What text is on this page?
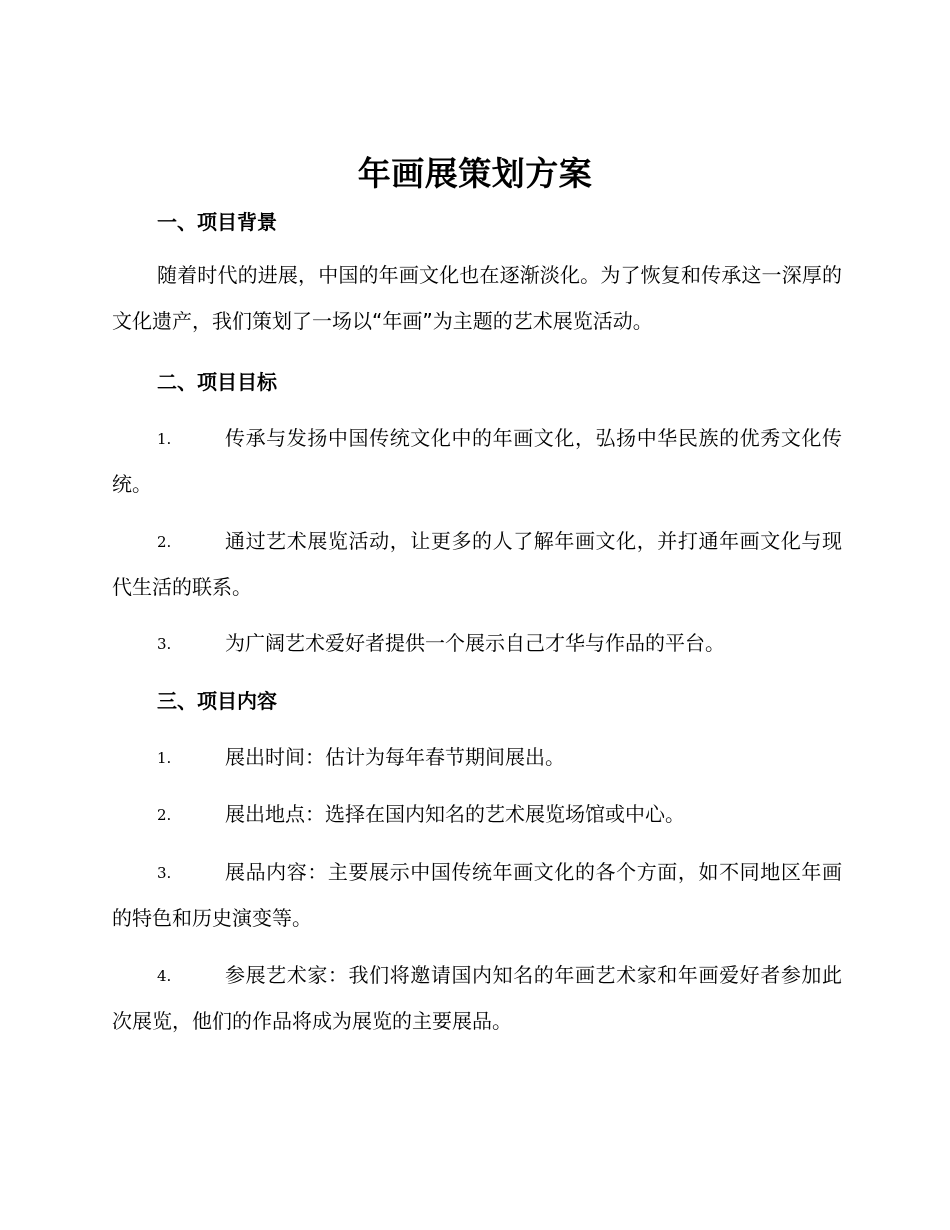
年画展策划方案
一、项目背景
随着时代的进展，中国的年画文化也在逐渐淡化。为了恢复和传承这一深厚的文化遗产，我们策划了一场以“年画”为主题的艺术展览活动。
二、项目目标
1.	传承与发扬中国传统文化中的年画文化，弘扬中华民族的优秀文化传统。
2.	通过艺术展览活动，让更多的人了解年画文化，并打通年画文化与现代生活的联系。
3.	为广阔艺术爱好者提供一个展示自己才华与作品的平台。
三、项目内容
1.	展出时间：估计为每年春节期间展出。
2.	展出地点：选择在国内知名的艺术展览场馆或中心。
3.	展品内容：主要展示中国传统年画文化的各个方面，如不同地区年画的特色和历史演变等。
4.	参展艺术家：我们将邀请国内知名的年画艺术家和年画爱好者参加此次展览，他们的作品将成为展览的主要展品。
